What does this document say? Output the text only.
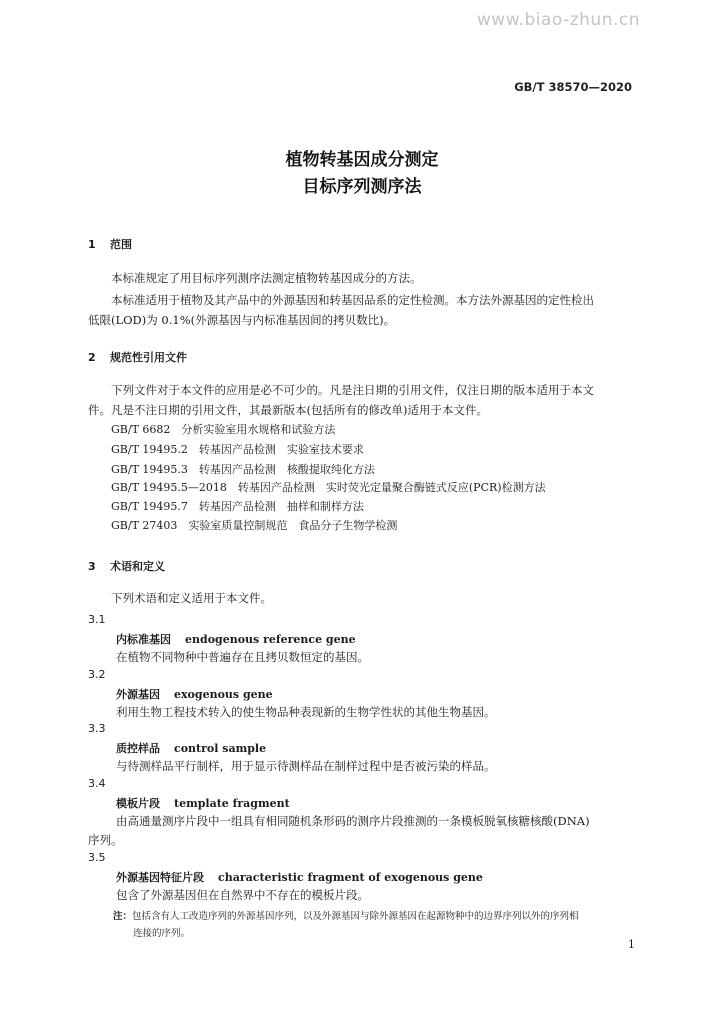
www.biao-zhun.cn
GB/T 38570—2020
植物转基因成分测定
目标序列测序法
1 范围
本标准规定了用目标序列测序法测定植物转基因成分的方法。
本标准适用于植物及其产品中的外源基因和转基因品系的定性检测。本方法外源基因的定性检出
低限(LOD)为 0.1%(外源基因与内标准基因间的拷贝数比)。
2 规范性引用文件
下列文件对于本文件的应用是必不可少的。凡是注日期的引用文件，仅注日期的版本适用于本文
件。凡是不注日期的引用文件，其最新版本(包括所有的修改单)适用于本文件。
GB/T 6682　分析实验室用水规格和试验方法
GB/T 19495.2　转基因产品检测　实验室技术要求
GB/T 19495.3　转基因产品检测　核酸提取纯化方法
GB/T 19495.5—2018　转基因产品检测　实时荧光定量聚合酶链式反应(PCR)检测方法
GB/T 19495.7　转基因产品检测　抽样和制样方法
GB/T 27403　实验室质量控制规范　食品分子生物学检测
3 术语和定义
下列术语和定义适用于本文件。
3.1
内标准基因 endogenous reference gene
在植物不同物种中普遍存在且拷贝数恒定的基因。
3.2
外源基因 exogenous gene
利用生物工程技术转入的使生物品种表现新的生物学性状的其他生物基因。
3.3
质控样品 control sample
与待测样品平行制样，用于显示待测样品在制样过程中是否被污染的样品。
3.4
模板片段 template fragment
由高通量测序片段中一组具有相同随机条形码的测序片段推测的一条模板脱氧核糖核酸(DNA)
序列。
3.5
外源基因特征片段 characteristic fragment of exogenous gene
包含了外源基因但在自然界中不存在的模板片段。
注：包括含有人工改造序列的外源基因序列，以及外源基因与除外源基因在起源物种中的边界序列以外的序列相
连接的序列。
1
